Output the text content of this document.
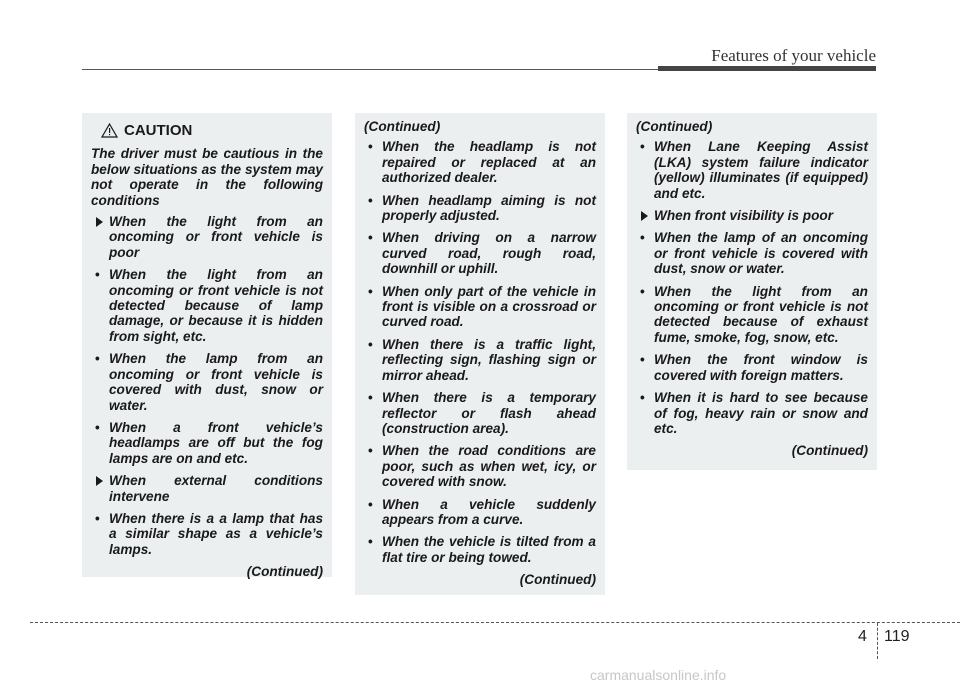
Features of your vehicle
CAUTION

The driver must be cautious in the below situations as the system may not operate in the following conditions

When the light from an oncoming or front vehicle is poor
• When the light from an oncoming or front vehicle is not detected because of lamp damage, or because it is hidden from sight, etc.
• When the lamp from an oncoming or front vehicle is covered with dust, snow or water.
• When a front vehicle’s headlamps are off but the fog lamps are on and etc.
When external conditions intervene
• When there is a a lamp that has a similar shape as a vehicle’s lamps.
(Continued)
(Continued)
• When the headlamp is not repaired or replaced at an authorized dealer.
• When headlamp aiming is not properly adjusted.
• When driving on a narrow curved road, rough road, downhill or uphill.
• When only part of the vehicle in front is visible on a crossroad or curved road.
• When there is a traffic light, reflecting sign, flashing sign or mirror ahead.
• When there is a temporary reflector or flash ahead (construction area).
• When the road conditions are poor, such as when wet, icy, or covered with snow.
• When a vehicle suddenly appears from a curve.
• When the vehicle is tilted from a flat tire or being towed.
(Continued)
(Continued)
• When Lane Keeping Assist (LKA) system failure indicator (yellow) illuminates (if equipped) and etc.
When front visibility is poor
• When the lamp of an oncoming or front vehicle is covered with dust, snow or water.
• When the light from an oncoming or front vehicle is not detected because of exhaust fume, smoke, fog, snow, etc.
• When the front window is covered with foreign matters.
• When it is hard to see because of fog, heavy rain or snow and etc.
(Continued)
4 119
carmanualsonline.info
